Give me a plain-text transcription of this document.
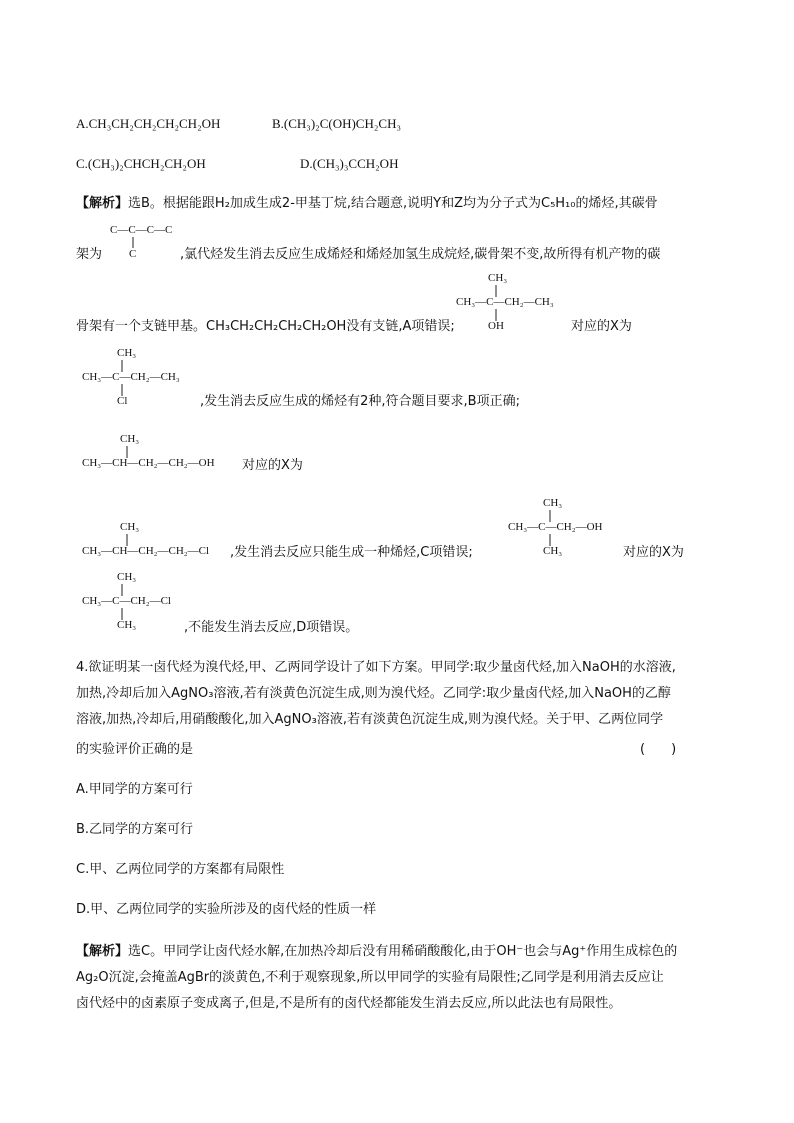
A.CH₃CH₂CH₂CH₂CH₂OH	B.(CH₃)₂C(OH)CH₂CH₃
C.(CH₃)₂CHCH₂CH₂OH	D.(CH₃)₃CCH₂OH
【解析】选B。根据能跟H₂加成生成2-甲基丁烷,结合题意,说明Y和Z均为分子式为C₅H₁₀的烯烃,其碳骨
C—C—C—C
C
架为	,氯代烃发生消去反应生成烯烃和烯烃加氢生成烷烃,碳骨架不变,故所得有机产物的碳
CH₃
CH₃—C—CH₂—CH₃
OH
骨架有一个支链甲基。CH₃CH₂CH₂CH₂CH₂OH没有支链,A项错误;	对应的X为
CH₃
CH₃—C—CH₂—CH₃
Cl	,发生消去反应生成的烯烃有2种,符合题目要求,B项正确;
CH₃
CH₃—CH—CH₂—CH₂—OH 对应的X为
CH₃
CH₃—CH—CH₂—CH₂—Cl ,发生消去反应只能生成一种烯烃,C项错误;
CH₃
CH₃—C—CH₂—OH
CH₃	对应的X为
CH₃
CH₃—C—CH₂—Cl
CH₃	,不能发生消去反应,D项错误。
4.欲证明某一卤代烃为溴代烃,甲、乙两同学设计了如下方案。甲同学:取少量卤代烃,加入NaOH的水溶液,
加热,冷却后加入AgNO₃溶液,若有淡黄色沉淀生成,则为溴代烃。乙同学:取少量卤代烃,加入NaOH的乙醇
溶液,加热,冷却后,用硝酸酸化,加入AgNO₃溶液,若有淡黄色沉淀生成,则为溴代烃。关于甲、乙两位同学
的实验评价正确的是	(　　)
A.甲同学的方案可行
B.乙同学的方案可行
C.甲、乙两位同学的方案都有局限性
D.甲、乙两位同学的实验所涉及的卤代烃的性质一样
【解析】选C。甲同学让卤代烃水解,在加热冷却后没有用稀硝酸酸化,由于OH⁻也会与Ag⁺作用生成棕色的
Ag₂O沉淀,会掩盖AgBr的淡黄色,不利于观察现象,所以甲同学的实验有局限性;乙同学是利用消去反应让
卤代烃中的卤素原子变成离子,但是,不是所有的卤代烃都能发生消去反应,所以此法也有局限性。
